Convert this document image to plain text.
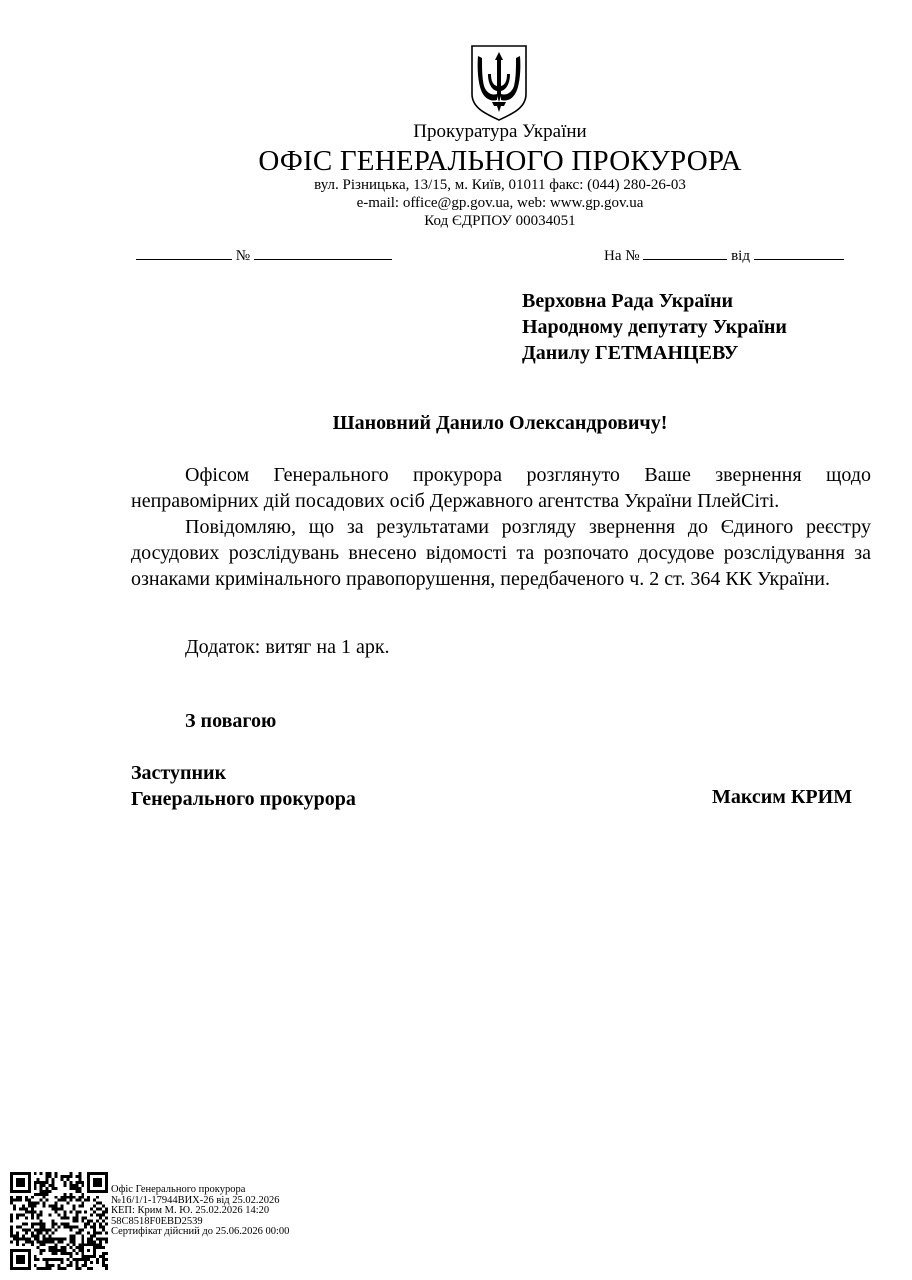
Прокуратура України
ОФІС ГЕНЕРАЛЬНОГО ПРОКУРОРА
вул. Різницька, 13/15, м. Київ, 01011 факс: (044) 280-26-03
e-mail: office@gp.gov.ua, web: www.gp.gov.ua
Код ЄДРПОУ 00034051
№	На №	від
Верховна Рада України
Народному депутату України
Данилу ГЕТМАНЦЕВУ
Шановний Данило Олександровичу!

Офісом Генерального прокурора розглянуто Ваше звернення щодо неправомірних дій посадових осіб Державного агентства України ПлейСіті.

Повідомляю, що за результатами розгляду звернення до Єдиного реєстру досудових розслідувань внесено відомості та розпочато досудове розслідування за ознаками кримінального правопорушення, передбаченого ч. 2 ст. 364 КК України.

Додаток: витяг на 1 арк.
З повагою
Заступник
Генерального прокурора	Максим КРИМ
Офіс Генерального прокурора
№16/1/1-17944ВИХ-26 від 25.02.2026
КЕП: Крим М. Ю. 25.02.2026 14:20
58C8518F0EBD2539
Сертифікат дійсний до 25.06.2026 00:00
